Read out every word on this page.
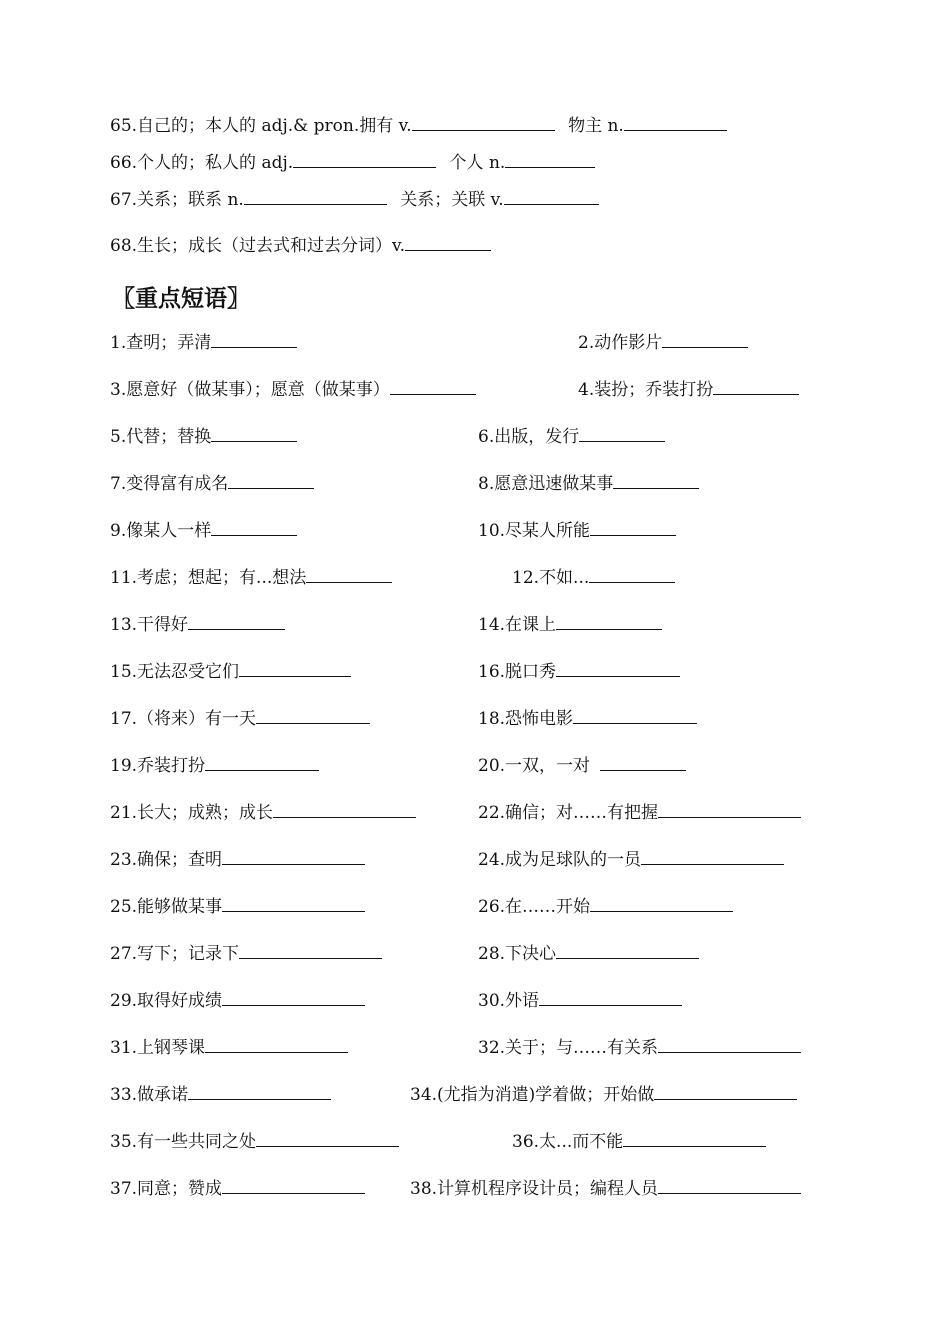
65.自己的；本人的 adj.& pron.拥有 v.	物主 n.
66.个人的；私人的 adj.	个人 n.
67.关系；联系 n.	关系；关联 v.
68.生长；成长（过去式和过去分词）v.
〖重点短语〗
1.查明；弄清	2.动作影片
3.愿意好（做某事）；愿意（做某事）	4.装扮；乔装打扮
5.代替；替换	6.出版，发行
7.变得富有成名	8.愿意迅速做某事
9.像某人一样	10.尽某人所能
11.考虑；想起；有...想法	12.不如...
13.干得好	14.在课上
15.无法忍受它们	16.脱口秀
17.（将来）有一天	18.恐怖电影
19.乔装打扮	20.一双，一对
21.长大；成熟；成长	22.确信；对……有把握
23.确保；查明	24.成为足球队的一员
25.能够做某事	26.在……开始
27.写下；记录下	28.下决心
29.取得好成绩	30.外语
31.上钢琴课	32.关于；与……有关系
33.做承诺	34.(尤指为消遣)学着做；开始做
35.有一些共同之处	36.太...而不能
37.同意；赞成	38.计算机程序设计员；编程人员
